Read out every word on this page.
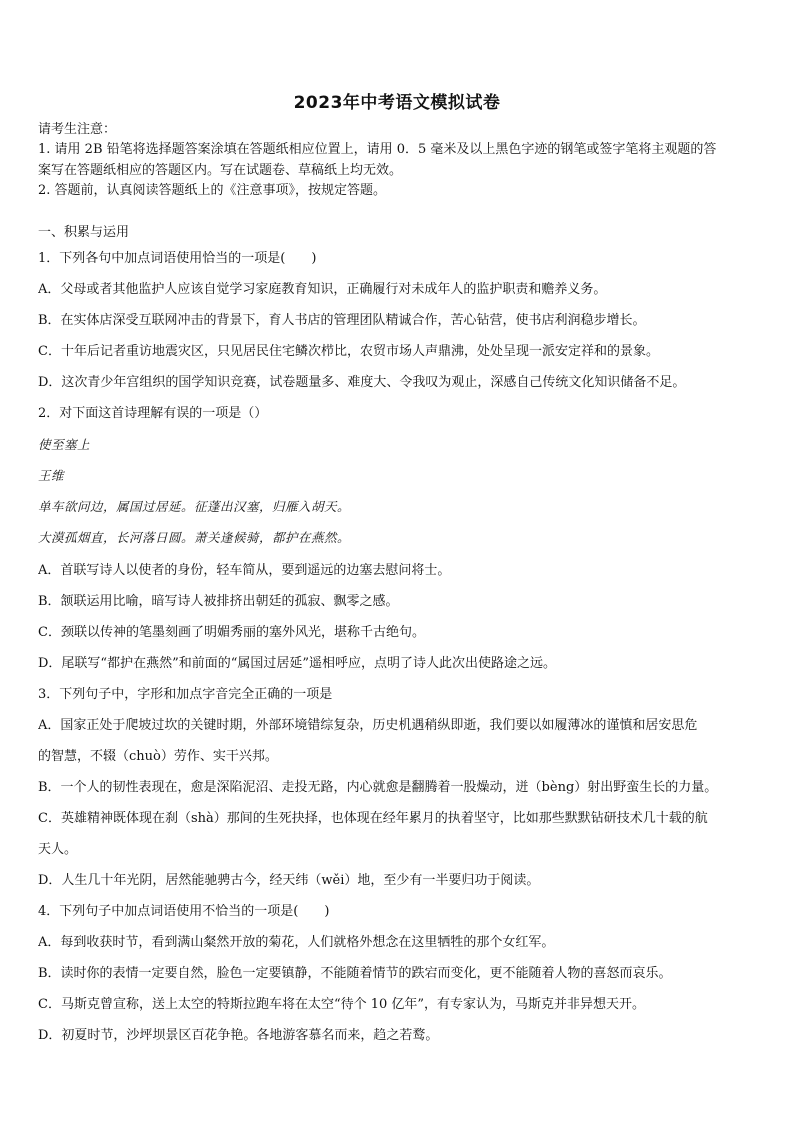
2023年中考语文模拟试卷
请考生注意：
1. 请用 2B 铅笔将选择题答案涂填在答题纸相应位置上，请用 0．5 毫米及以上黑色字迹的钢笔或签字笔将主观题的答
案写在答题纸相应的答题区内。写在试题卷、草稿纸上均无效。
2. 答题前，认真阅读答题纸上的《注意事项》，按规定答题。
一、积累与运用
1．下列各句中加点词语使用恰当的一项是(　　)
A．父母或者其他监护人应该自觉学习家庭教育知识，正确履行对未成年人的监护职责和赡养义务。
B．在实体店深受互联网冲击的背景下，育人书店的管理团队精诚合作，苦心钻营，使书店利润稳步增长。
C．十年后记者重访地震灾区，只见居民住宅鳞次栉比，农贸市场人声鼎沸，处处呈现一派安定祥和的景象。
D．这次青少年宫组织的国学知识竞赛，试卷题量多、难度大、令我叹为观止，深感自己传统文化知识储备不足。
2．对下面这首诗理解有误的一项是（）
使至塞上
王维
单车欲问边，属国过居延。征蓬出汉塞，归雁入胡天。
大漠孤烟直，长河落日圆。萧关逢候骑，都护在燕然。
A．首联写诗人以使者的身份，轻车简从，要到遥远的边塞去慰问将士。
B．颔联运用比喻，暗写诗人被排挤出朝廷的孤寂、飘零之感。
C．颈联以传神的笔墨刻画了明媚秀丽的塞外风光，堪称千古绝句。
D．尾联写“都护在燕然”和前面的“属国过居延”遥相呼应，点明了诗人此次出使路途之远。
3．下列句子中，字形和加点字音完全正确的一项是
A．国家正处于爬坡过坎的关键时期，外部环境错综复杂，历史机遇稍纵即逝，我们要以如履薄冰的谨慎和居安思危
的智慧，不辍（chuò）劳作、实干兴邦。
B．一个人的韧性表现在，愈是深陷泥沼、走投无路，内心就愈是翻腾着一股燥动，迸（bèng）射出野蛮生长的力量。
C．英雄精神既体现在刹（shà）那间的生死抉择，也体现在经年累月的执着坚守，比如那些默默钻研技术几十载的航
天人。
D．人生几十年光阴，居然能驰骋古今，经天纬（wěi）地，至少有一半要归功于阅读。
4．下列句子中加点词语使用不恰当的一项是(　　)
A．每到收获时节，看到满山粲然开放的菊花，人们就格外想念在这里牺牲的那个女红军。
B．读时你的表情一定要自然，脸色一定要镇静，不能随着情节的跌宕而变化，更不能随着人物的喜怒而哀乐。
C．马斯克曾宣称，送上太空的特斯拉跑车将在太空“待个 10 亿年”，有专家认为，马斯克并非异想天开。
D．初夏时节，沙坪坝景区百花争艳。各地游客慕名而来，趋之若鹜。
